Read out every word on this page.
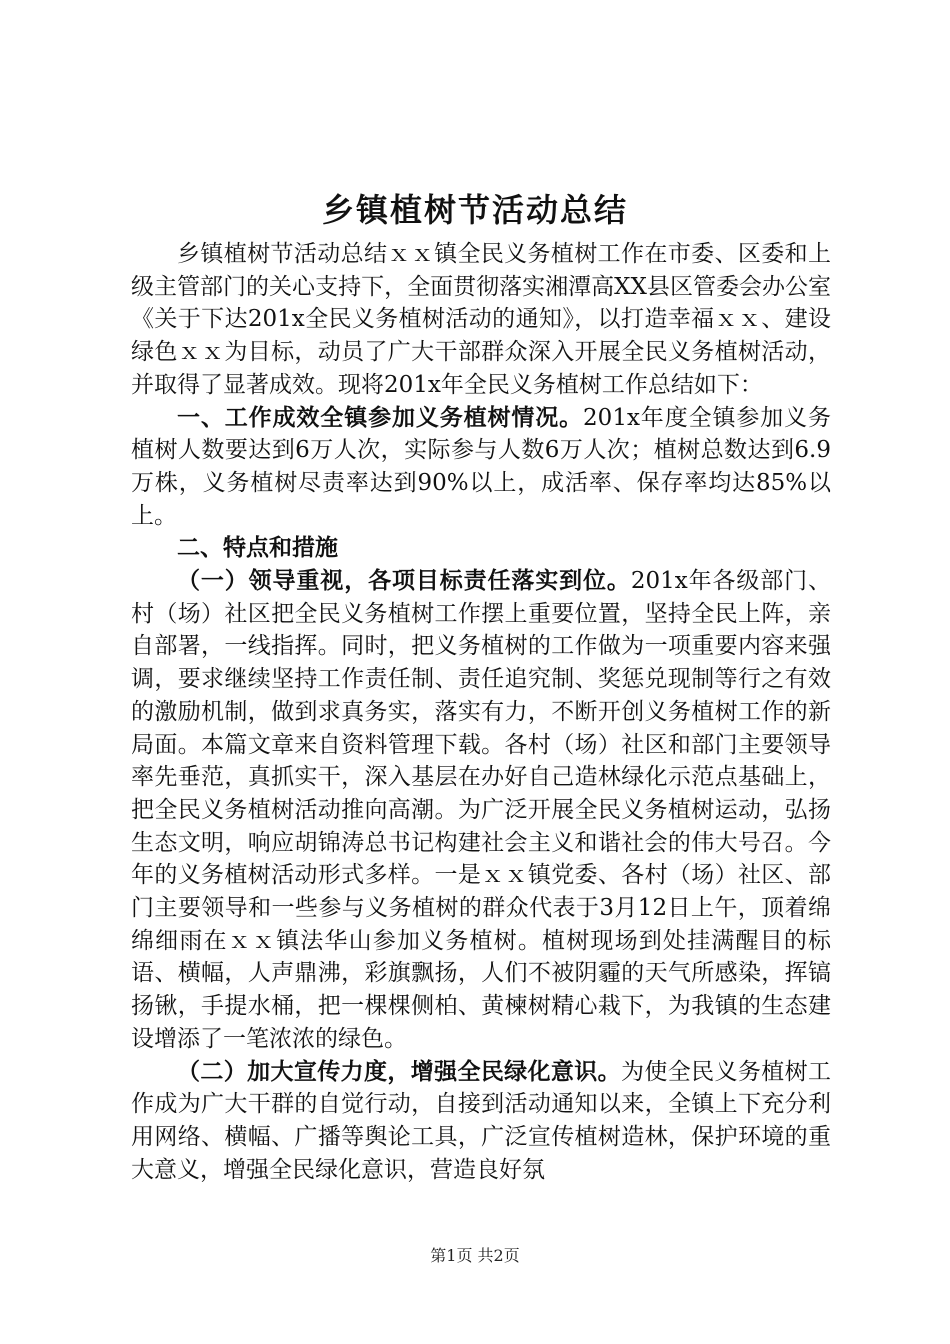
乡镇植树节活动总结

乡镇植树节活动总结ｘｘ镇全民义务植树工作在市委、区委和上级主管部门的关心支持下，全面贯彻落实湘潭高XX县区管委会办公室《关于下达201x全民义务植树活动的通知》，以打造幸福ｘｘ、建设绿色ｘｘ为目标，动员了广大干部群众深入开展全民义务植树活动，并取得了显著成效。现将201x年全民义务植树工作总结如下：

一、工作成效全镇参加义务植树情况。201x年度全镇参加义务植树人数要达到6万人次，实际参与人数6万人次；植树总数达到6.9万株，义务植树尽责率达到90%以上，成活率、保存率均达85%以上。

二、特点和措施

（一）领导重视，各项目标责任落实到位。201x年各级部门、村（场）社区把全民义务植树工作摆上重要位置，坚持全民上阵，亲自部署，一线指挥。同时，把义务植树的工作做为一项重要内容来强调，要求继续坚持工作责任制、责任追究制、奖惩兑现制等行之有效的激励机制，做到求真务实，落实有力，不断开创义务植树工作的新局面。本篇文章来自资料管理下载。各村（场）社区和部门主要领导率先垂范，真抓实干，深入基层在办好自己造林绿化示范点基础上，把全民义务植树活动推向高潮。为广泛开展全民义务植树运动，弘扬生态文明，响应胡锦涛总书记构建社会主义和谐社会的伟大号召。今年的义务植树活动形式多样。一是ｘｘ镇党委、各村（场）社区、部门主要领导和一些参与义务植树的群众代表于3月12日上午，顶着绵绵细雨在ｘｘ镇法华山参加义务植树。植树现场到处挂满醒目的标语、横幅，人声鼎沸，彩旗飘扬，人们不被阴霾的天气所感染，挥镐扬锹，手提水桶，把一棵棵侧柏、黄楝树精心栽下，为我镇的生态建设增添了一笔浓浓的绿色。

（二）加大宣传力度，增强全民绿化意识。为使全民义务植树工作成为广大干群的自觉行动，自接到活动通知以来，全镇上下充分利用网络、横幅、广播等舆论工具，广泛宣传植树造林，保护环境的重大意义，增强全民绿化意识，营造良好氛

第1页 共2页
